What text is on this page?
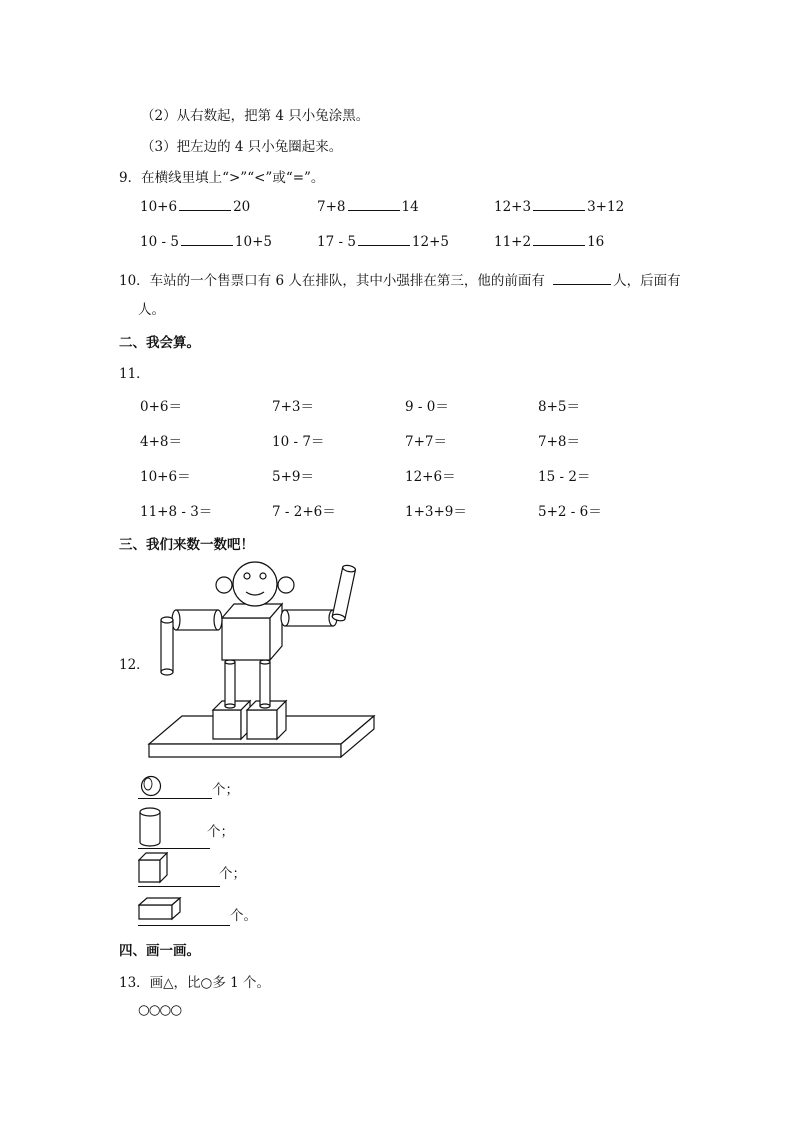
（2）从右数起，把第 4 只小兔涂黑。
（3）把左边的 4 只小兔圈起来。
9．在横线里填上“>”“<”或“=”。
10+6	20	7+8	14	12+3	3+12
10 - 5	10+5	17 - 5	12+5	11+2	16
10．车站的一个售票口有 6 人在排队，其中小强排在第三，他的前面有	人，后面有
人。
二、我会算。
11．
0+6＝	7+3＝	9 - 0＝	8+5＝
4+8＝	10 - 7＝	7+7＝	7+8＝
10+6＝	5+9＝	12+6＝	15 - 2＝
11+8 - 3＝	7 - 2+6＝	1+3+9＝	5+2 - 6＝
三、我们来数一数吧！
12．
个；
个；
个；
个。
四、画一画。
13．画△，比○多 1 个。
○○○○
